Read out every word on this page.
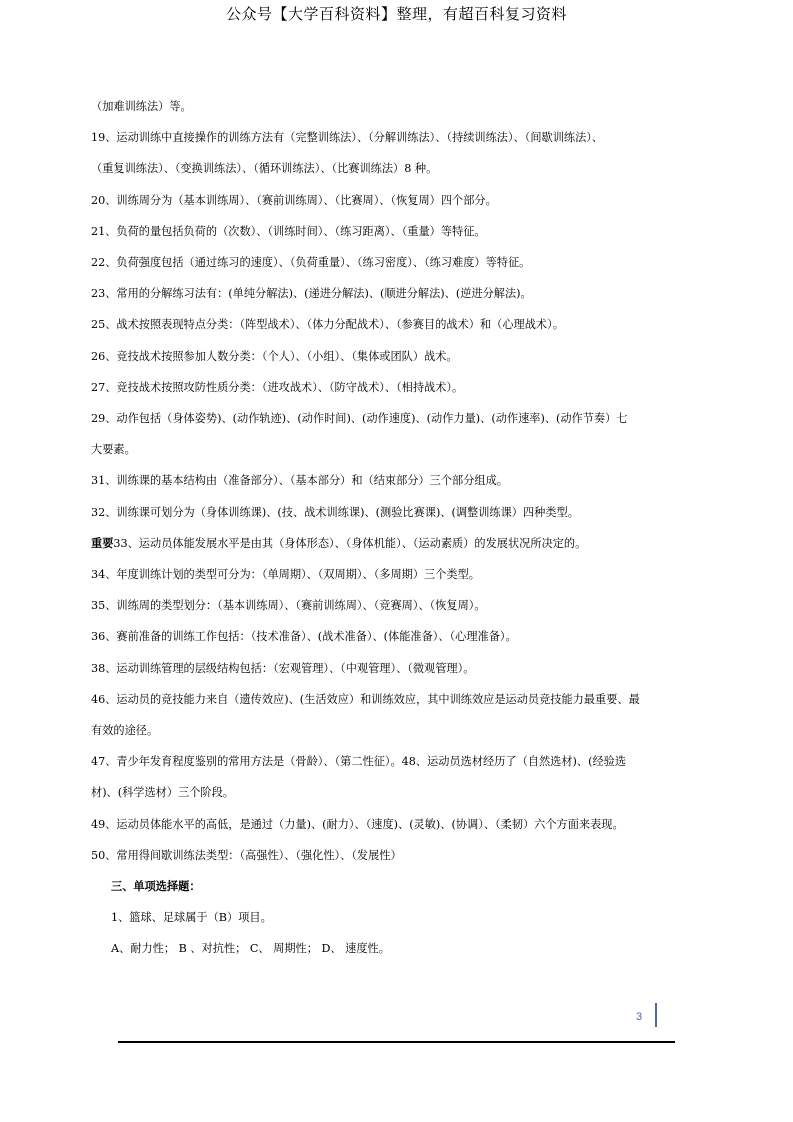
公众号【大学百科资料】整理，有超百科复习资料
（加难训练法）等。
19、运动训练中直接操作的训练方法有（完整训练法）、（分解训练法）、（持续训练法）、（间歇训练法）、
（重复训练法）、（变换训练法）、（循环训练法）、（比赛训练法）8 种。
20、训练周分为（基本训练周）、（赛前训练周）、（比赛周）、（恢复周）四个部分。
21、负荷的量包括负荷的（次数）、（训练时间）、（练习距离）、（重量）等特征。
22、负荷强度包括（通过练习的速度）、（负荷重量）、（练习密度）、（练习难度）等特征。
23、常用的分解练习法有：(单纯分解法)、(递进分解法)、(顺进分解法)、(逆进分解法)。
25、战术按照表现特点分类：（阵型战术）、（体力分配战术）、（参赛目的战术）和（心理战术）。
26、竞技战术按照参加人数分类：（个人）、（小组）、（集体或团队）战术。
27、竞技战术按照攻防性质分类：（进攻战术）、（防守战术）、（相持战术）。
29、动作包括（身体姿势)、(动作轨迹)、(动作时间)、(动作速度)、(动作力量)、(动作速率)、(动作节奏）七
大要素。
31、训练课的基本结构由（准备部分）、（基本部分）和（结束部分）三个部分组成。
32、训练课可划分为（身体训练课)、(技、战术训练课)、(测验比赛课)、(调整训练课）四种类型。
重要33、运动员体能发展水平是由其（身体形态）、（身体机能）、（运动素质）的发展状况所决定的。
34、年度训练计划的类型可分为：（单周期）、（双周期）、（多周期）三个类型。
35、训练周的类型划分：（基本训练周）、（赛前训练周）、（竞赛周）、（恢复周）。
36、赛前准备的训练工作包括：（技术准备）、(战术准备）、(体能准备）、（心理准备）。
38、运动训练管理的层级结构包括：（宏观管理）、（中观管理）、（微观管理）。
46、运动员的竞技能力来自（遗传效应)、(生活效应）和训练效应，其中训练效应是运动员竞技能力最重要、最
有效的途径。
47、青少年发育程度鉴别的常用方法是（骨龄）、（第二性征）。48、运动员选材经历了（自然选材)、(经验选
材)、(科学选材）三个阶段。
49、运动员体能水平的高低，是通过（力量)、(耐力）、（速度)、(灵敏)、(协调）、（柔韧）六个方面来表现。
50、常用得间歇训练法类型：（高强性）、（强化性）、（发展性）
三、单项选择题：
1、篮球、足球属于（B）项目。
A、耐力性； B 、对抗性； C、 周期性； D、 速度性。
3
